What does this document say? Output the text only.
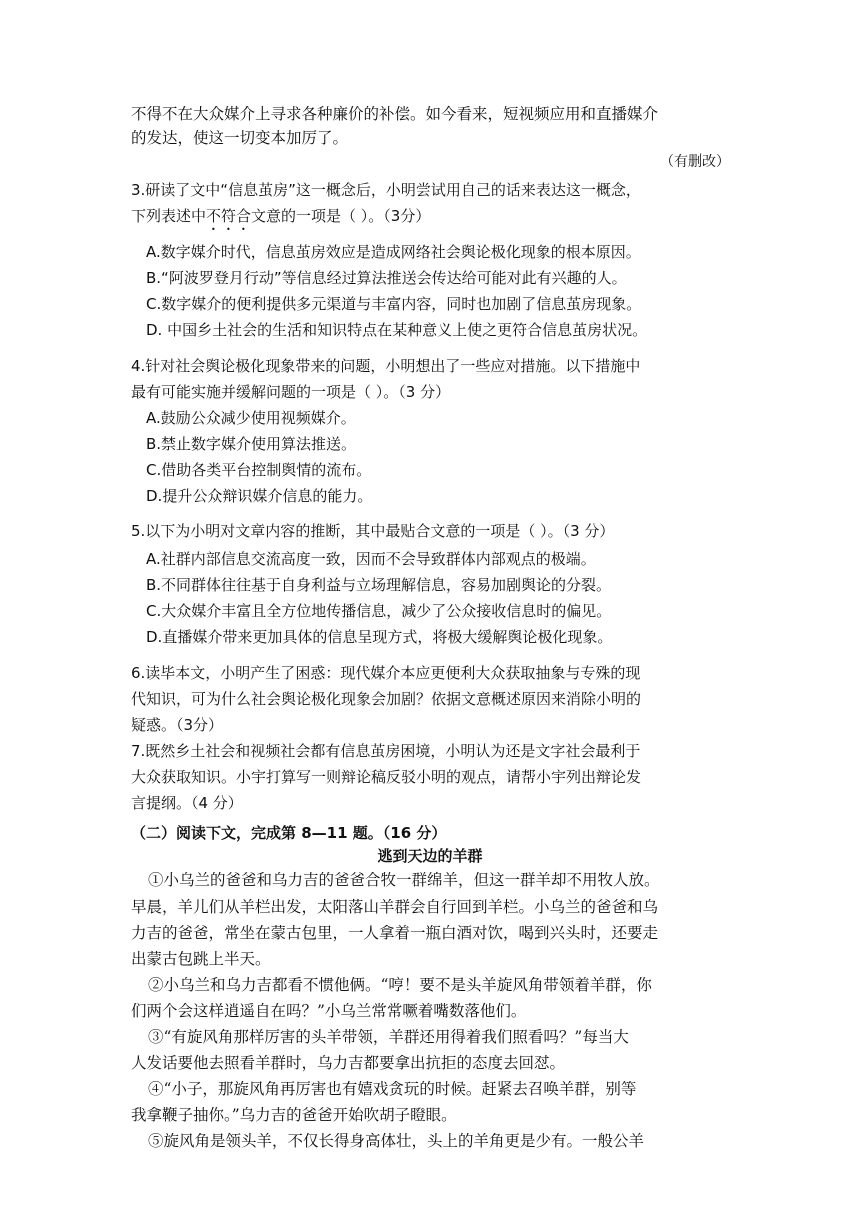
不得不在大众媒介上寻求各种廉价的补偿。如今看来，短视频应用和直播媒介
的发达，使这一切变本加厉了。
（有删改）
3.研读了文中“信息茧房”这一概念后，小明尝试用自己的话来表达这一概念，
下列表述中不符合文意的一项是（ ）。（3分）
A.数字媒介时代，信息茧房效应是造成网络社会舆论极化现象的根本原因。
B.“阿波罗登月行动”等信息经过算法推送会传达给可能对此有兴趣的人。
C.数字媒介的便利提供多元渠道与丰富内容，同时也加剧了信息茧房现象。
D. 中国乡土社会的生活和知识特点在某种意义上使之更符合信息茧房状况。
4.针对社会舆论极化现象带来的问题，小明想出了一些应对措施。以下措施中
最有可能实施并缓解问题的一项是（ ）。（3 分）
A.鼓励公众减少使用视频媒介。
B.禁止数字媒介使用算法推送。
C.借助各类平台控制舆情的流布。
D.提升公众辩识媒介信息的能力。
5.以下为小明对文章内容的推断，其中最贴合文意的一项是（ ）。（3 分）
A.社群内部信息交流高度一致，因而不会导致群体内部观点的极端。
B.不同群体往往基于自身利益与立场理解信息，容易加剧舆论的分裂。
C.大众媒介丰富且全方位地传播信息，减少了公众接收信息时的偏见。
D.直播媒介带来更加具体的信息呈现方式，将极大缓解舆论极化现象。
6.读毕本文，小明产生了困惑：现代媒介本应更便利大众获取抽象与专殊的现
代知识，可为什么社会舆论极化现象会加剧？依据文意概述原因来消除小明的
疑惑。（3分）
7.既然乡土社会和视频社会都有信息茧房困境，小明认为还是文字社会最利于
大众获取知识。小宇打算写一则辩论稿反驳小明的观点，请帮小宇列出辩论发
言提纲。（4 分）
（二）阅读下文，完成第 8—11 题。（16 分）
逃到天边的羊群
①小乌兰的爸爸和乌力吉的爸爸合牧一群绵羊，但这一群羊却不用牧人放。
早晨，羊儿们从羊栏出发，太阳落山羊群会自行回到羊栏。小乌兰的爸爸和乌
力吉的爸爸，常坐在蒙古包里，一人拿着一瓶白酒对饮，喝到兴头时，还要走
出蒙古包跳上半天。
②小乌兰和乌力吉都看不惯他俩。“哼！要不是头羊旋风角带领着羊群，你
们两个会这样逍遥自在吗？”小乌兰常常噘着嘴数落他们。
③“有旋风角那样厉害的头羊带领，羊群还用得着我们照看吗？”每当大
人发话要他去照看羊群时，乌力吉都要拿出抗拒的态度去回怼。
④“小子，那旋风角再厉害也有嬉戏贪玩的时候。赶紧去召唤羊群，别等
我拿鞭子抽你。”乌力吉的爸爸开始吹胡子瞪眼。
⑤旋风角是领头羊，不仅长得身高体壮，头上的羊角更是少有。一般公羊
